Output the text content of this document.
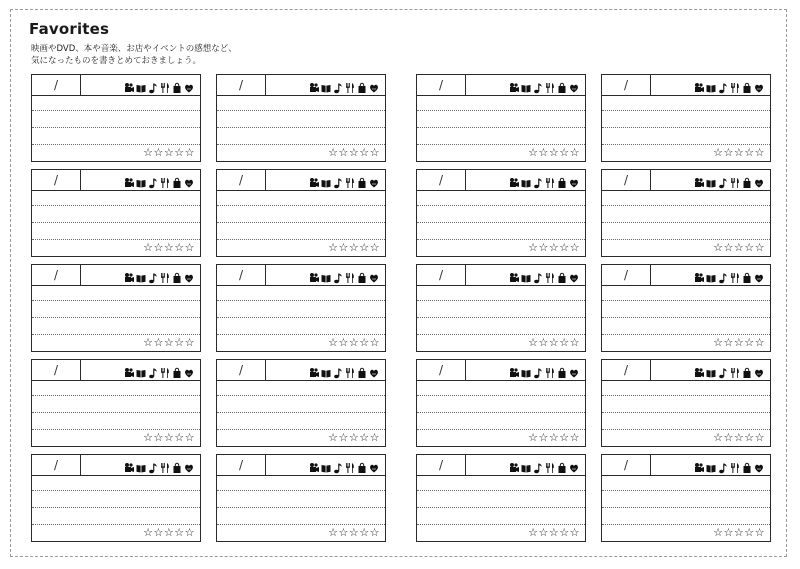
Favorites
映画やDVD、本や音楽、お店やイベントの感想など、
気になったものを書きとめておきましょう。
/
☆ ☆ ☆ ☆ ☆
/
☆ ☆ ☆ ☆ ☆
/
☆ ☆ ☆ ☆ ☆
/
☆ ☆ ☆ ☆ ☆
/
☆ ☆ ☆ ☆ ☆
/
☆ ☆ ☆ ☆ ☆
/
☆ ☆ ☆ ☆ ☆
/
☆ ☆ ☆ ☆ ☆
/
☆ ☆ ☆ ☆ ☆
/
☆ ☆ ☆ ☆ ☆
/
☆ ☆ ☆ ☆ ☆
/
☆ ☆ ☆ ☆ ☆
/
☆ ☆ ☆ ☆ ☆
/
☆ ☆ ☆ ☆ ☆
/
☆ ☆ ☆ ☆ ☆
/
☆ ☆ ☆ ☆ ☆
/
☆ ☆ ☆ ☆ ☆
/
☆ ☆ ☆ ☆ ☆
/
☆ ☆ ☆ ☆ ☆
/
☆ ☆ ☆ ☆ ☆
